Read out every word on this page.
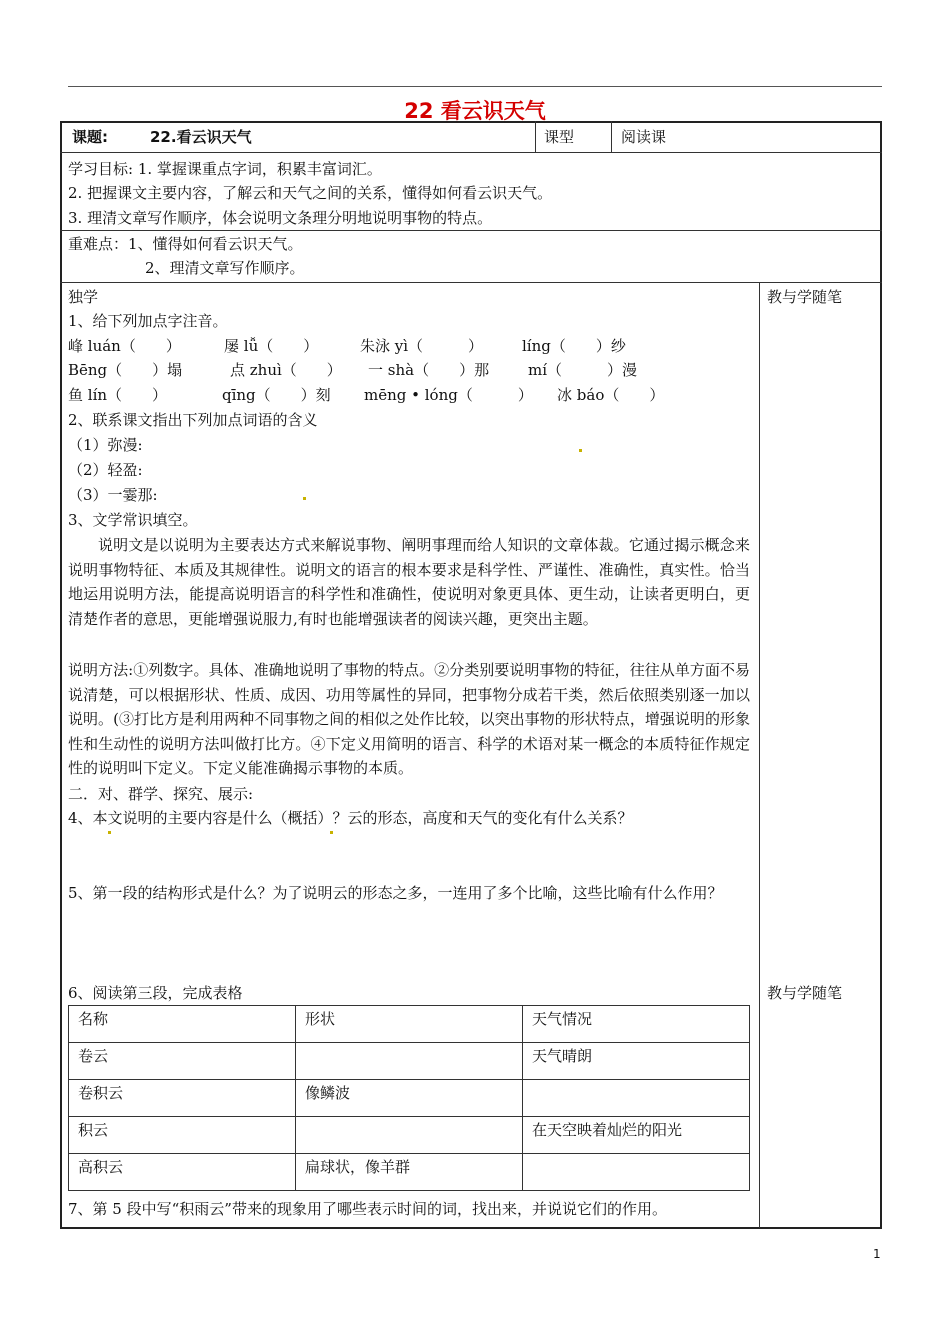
22 看云识天气
课题:	22.看云识天气	课型	阅读课
学习目标: 1. 掌握课重点字词，积累丰富词汇。
2. 把握课文主要内容，了解云和天气之间的关系，懂得如何看云识天气。
3. 理清文章写作顺序，体会说明文条理分明地说明事物的特点。
重难点：1、懂得如何看云识天气。
2、理清文章写作顺序。
教与学随笔
教与学随笔
独学
1、给下列加点字注音。
峰 luán（　　）	屡 lǚ（　　）	朱泳 yì（　　　）	líng（　　）纱
Bēng（　　）塌	点 zhuì（　　） 一 shà（　　）那	mí（　　　）漫
鱼 lín（　　）	qīng（　　）刻 mēng • lóng（　　　） 冰 báo（　　）
2、联系课文指出下列加点词语的含义
（1）弥漫:
（2）轻盈:
（3）一霎那:
3、文学常识填空。
说明文是以说明为主要表达方式来解说事物、阐明事理而给人知识的文章体裁。它通过揭示概念来说明事物特征、本质及其规律性。说明文的语言的根本要求是科学性、严谨性、准确性，真实性。恰当地运用说明方法，能提高说明语言的科学性和准确性，使说明对象更具体、更生动，让读者更明白，更清楚作者的意思，更能增强说服力,有时也能增强读者的阅读兴趣，更突出主题。
说明方法:①列数字。具体、准确地说明了事物的特点。②分类别要说明事物的特征，往往从单方面不易说清楚，可以根据形状、性质、成因、功用等属性的异同，把事物分成若干类，然后依照类别逐一加以说明。(③打比方是利用两种不同事物之间的相似之处作比较，以突出事物的形状特点，增强说明的形象性和生动性的说明方法叫做打比方。④下定义用简明的语言、科学的术语对某一概念的本质特征作规定性的说明叫下定义。下定义能准确揭示事物的本质。
二．对、群学、探究、展示:
4、本文说明的主要内容是什么（概括）？云的形态，高度和天气的变化有什么关系？
5、第一段的结构形式是什么？为了说明云的形态之多，一连用了多个比喻，这些比喻有什么作用？
6、阅读第三段，完成表格
名称	形状	天气情况
卷云		天气晴朗
卷积云	像鳞波	
积云		在天空映着灿烂的阳光
高积云	扁球状，像羊群	
7、第 5 段中写“积雨云”带来的现象用了哪些表示时间的词，找出来，并说说它们的作用。
1
